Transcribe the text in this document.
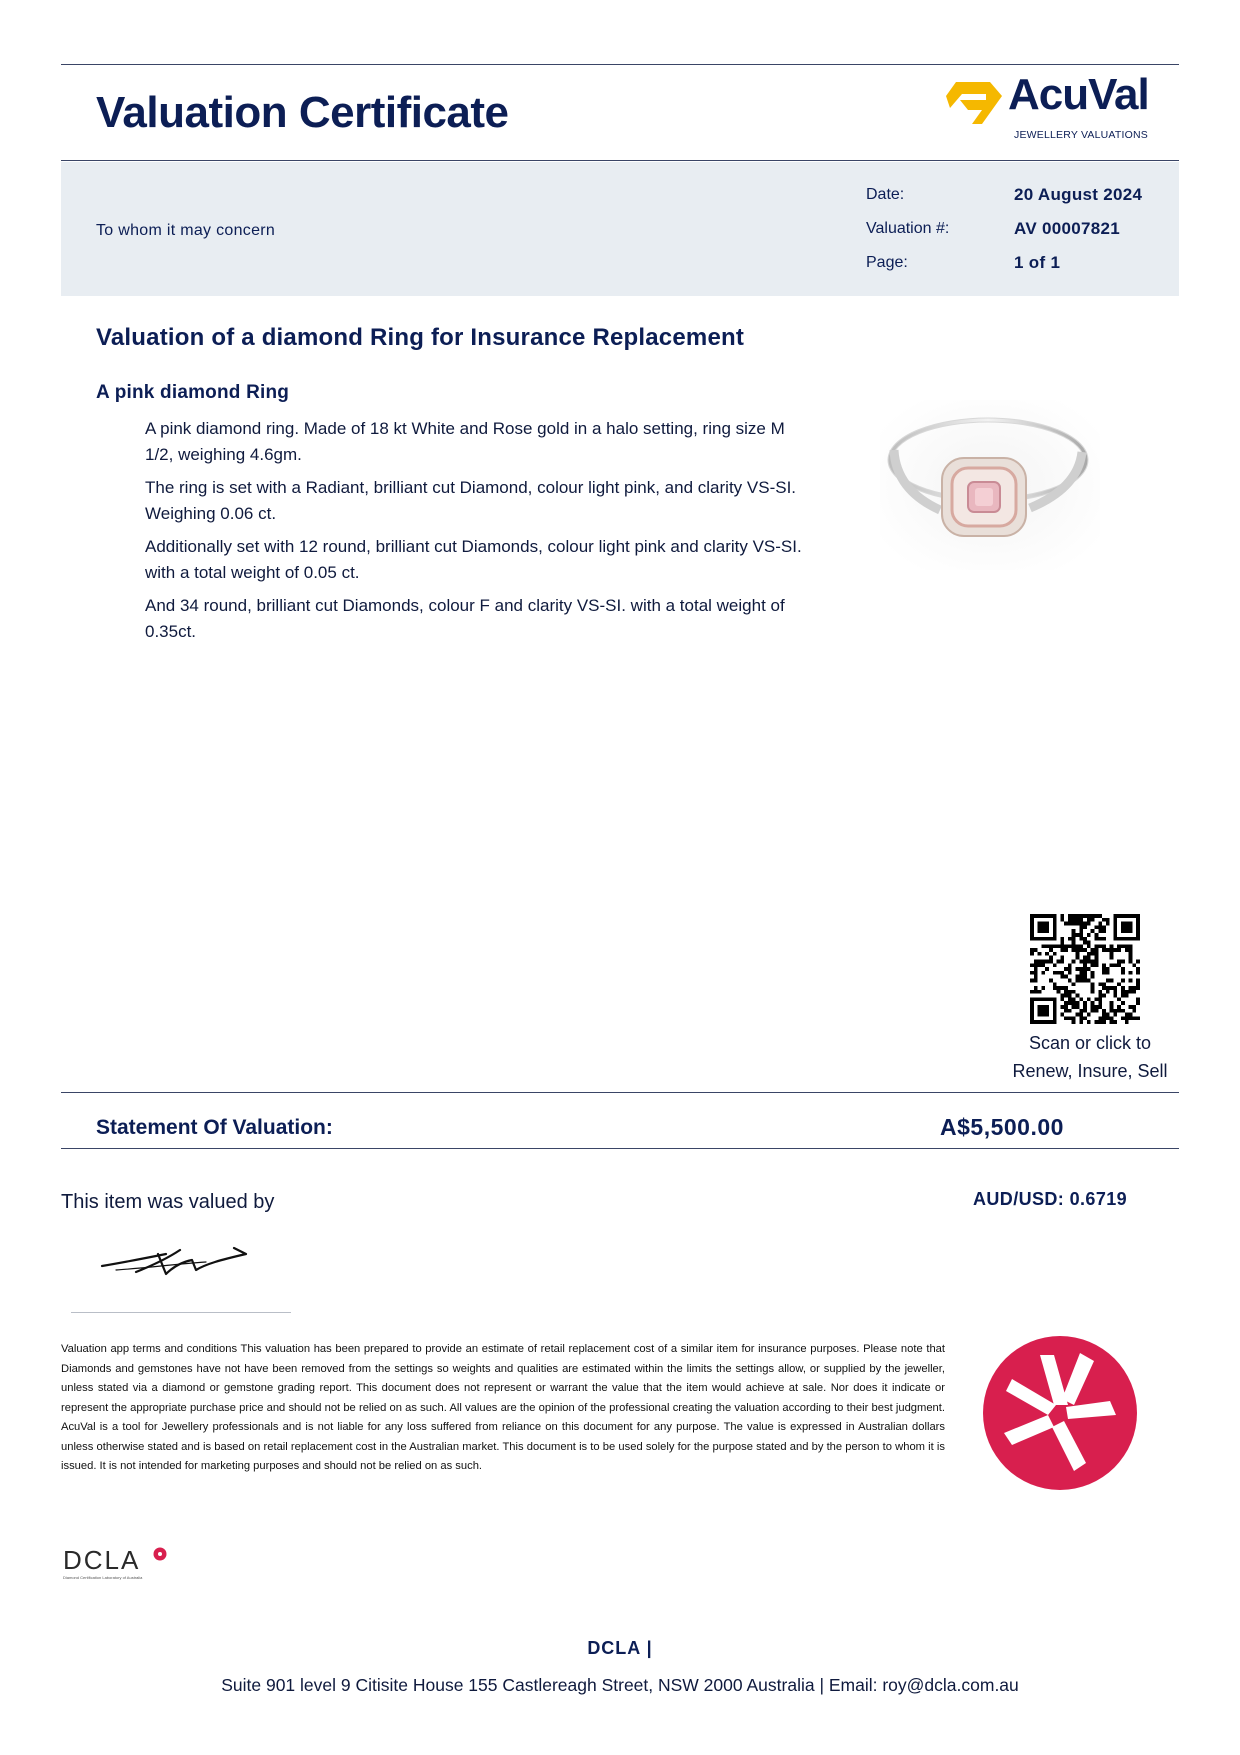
Valuation Certificate	AcuVal
JEWELLERY VALUATIONS
To whom it may concern
Date:	20 August 2024
Valuation #:	AV 00007821
Page:	1 of 1
Valuation of a diamond Ring for Insurance Replacement
A pink diamond Ring

A pink diamond ring. Made of 18 kt White and Rose gold in a halo setting, ring size M 1/2, weighing 4.6gm.

The ring is set with a Radiant, brilliant cut Diamond, colour light pink, and clarity VS-SI. Weighing 0.06 ct.

Additionally set with 12 round, brilliant cut Diamonds, colour light pink and clarity VS-SI. with a total weight of 0.05 ct.

And 34 round, brilliant cut Diamonds, colour F and clarity VS-SI. with a total weight of 0.35ct.

Scan or click to
Renew, Insure, Sell
Statement Of Valuation:	A$5,500.00
This item was valued by	AUD/USD: 0.6719
Valuation app terms and conditions This valuation has been prepared to provide an estimate of retail replacement cost of a similar item for insurance purposes. Please note that Diamonds and gemstones have not have been removed from the settings so weights and qualities are estimated within the limits the settings allow, or supplied by the jeweller, unless stated via a diamond or gemstone grading report. This document does not represent or warrant the value that the item would achieve at sale. Nor does it indicate or represent the appropriate purchase price and should not be relied on as such. All values are the opinion of the professional creating the valuation according to their best judgment. AcuVal is a tool for Jewellery professionals and is not liable for any loss suffered from reliance on this document for any purpose. The value is expressed in Australian dollars unless otherwise stated and is based on retail replacement cost in the Australian market. This document is to be used solely for the purpose stated and by the person to whom it is issued. It is not intended for marketing purposes and should not be relied on as such.
DCLA
Diamond Certification Laboratory of Australia
DCLA |
Suite 901 level 9 Citisite House 155 Castlereagh Street, NSW 2000 Australia | Email: roy@dcla.com.au
